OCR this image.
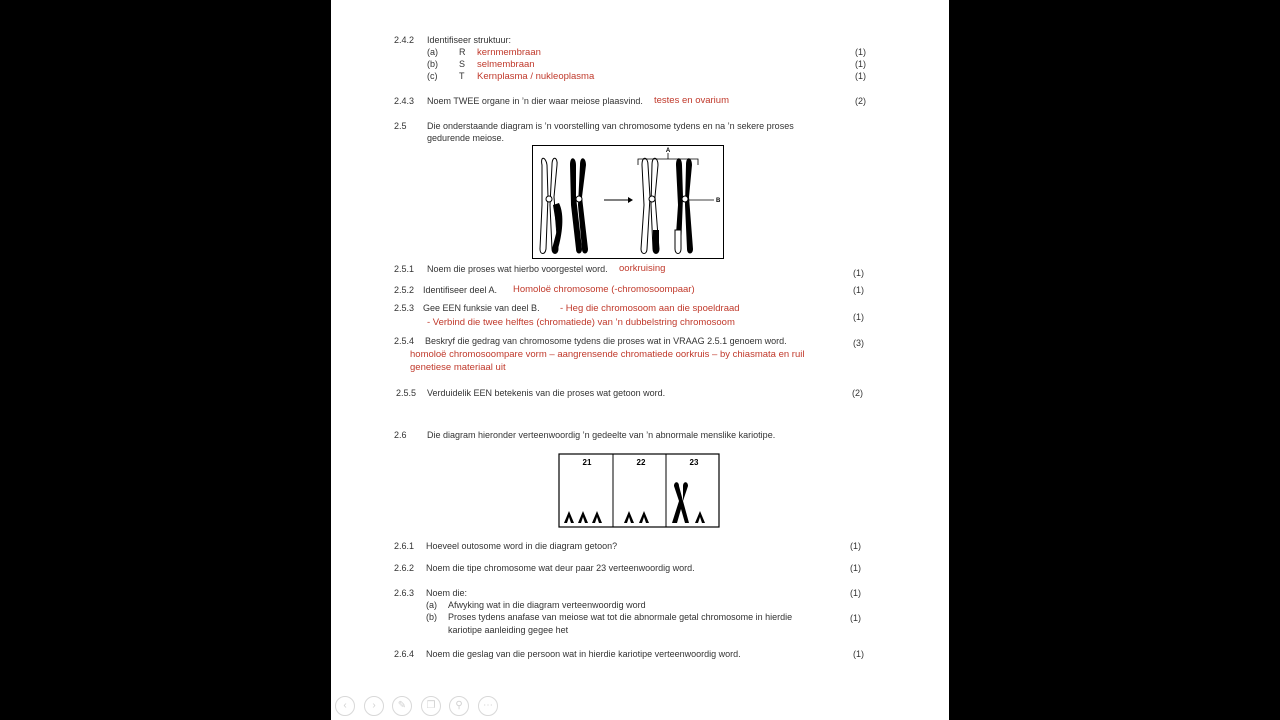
2.4.2 Identifiseer struktuur:
(a) R kernmembraan	(1)
(b) S selmembraan	(1)
(c) T Kernplasma / nukleoplasma	(1)
2.4.3 Noem TWEE organe in ’n dier waar meiose plaasvind. testes en ovarium	(2)
2.5 Die onderstaande diagram is ’n voorstelling van chromosome tydens en na ’n sekere proses
gedurende meiose.
A
B
2.5.1 Noem die proses wat hierbo voorgestel word. oorkruising	(1)
2.5.2 Identifiseer deel A. Homoloë chromosome (-chromosoompaar)	(1)
2.5.3 Gee EEN funksie van deel B. - Heg die chromosoom aan die spoeldraad
- Verbind die twee helftes (chromatiede) van ’n dubbelstring chromosoom	(1)
2.5.4 Beskryf die gedrag van chromosome tydens die proses wat in VRAAG 2.5.1 genoem word.
homoloë chromosoompare vorm – aangrensende chromatiede oorkruis – by chiasmata en ruil
genetiese materiaal uit
(3)
2.5.5 Verduidelik EEN betekenis van die proses wat getoon word.	(2)
2.6 Die diagram hieronder verteenwoordig ’n gedeelte van ’n abnormale menslike kariotipe.
21	22	23
2.6.1 Hoeveel outosome word in die diagram getoon?	(1)
2.6.2 Noem die tipe chromosome wat deur paar 23 verteenwoordig word.	(1)
2.6.3 Noem die:	(1)
(a) Afwyking wat in die diagram verteenwoordig word
(b) Proses tydens anafase van meiose wat tot die abnormale getal chromosome in hierdie
kariotipe aanleiding gegee het
(1)
2.6.4 Noem die geslag van die persoon wat in hierdie kariotipe verteenwoordig word.	(1)
‹	›	✎	❐	⚲	⋯
